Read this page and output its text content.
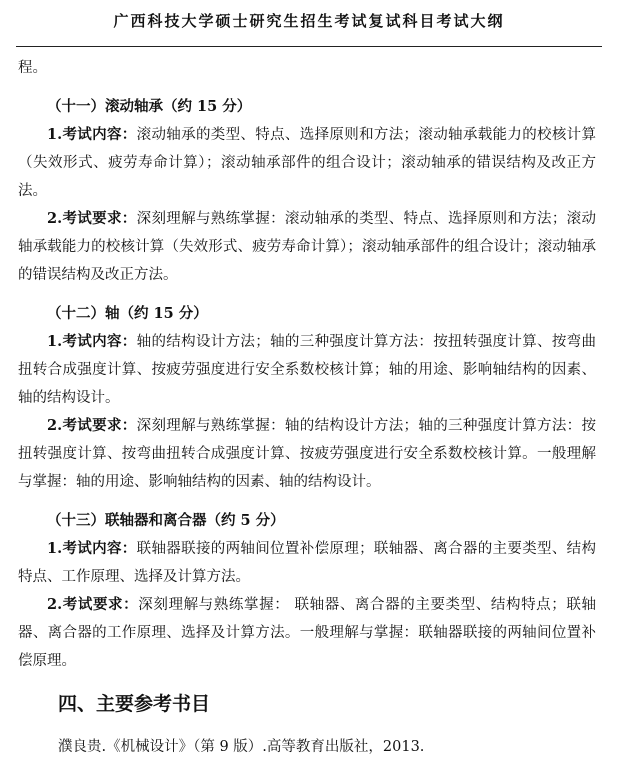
广西科技大学硕士研究生招生考试复试科目考试大纲

程。

（十一）滚动轴承（约 15 分）

1.考试内容：滚动轴承的类型、特点、选择原则和方法；滚动轴承载能力的校核计算（失效形式、疲劳寿命计算）；滚动轴承部件的组合设计；滚动轴承的错误结构及改正方法。

2.考试要求：深刻理解与熟练掌握：滚动轴承的类型、特点、选择原则和方法；滚动轴承载能力的校核计算（失效形式、疲劳寿命计算）；滚动轴承部件的组合设计；滚动轴承的错误结构及改正方法。

（十二）轴（约 15 分）

1.考试内容：轴的结构设计方法；轴的三种强度计算方法：按扭转强度计算、按弯曲扭转合成强度计算、按疲劳强度进行安全系数校核计算；轴的用途、影响轴结构的因素、轴的结构设计。

2.考试要求：深刻理解与熟练掌握：轴的结构设计方法；轴的三种强度计算方法：按扭转强度计算、按弯曲扭转合成强度计算、按疲劳强度进行安全系数校核计算。一般理解与掌握：轴的用途、影响轴结构的因素、轴的结构设计。

（十三）联轴器和离合器（约 5 分）

1.考试内容：联轴器联接的两轴间位置补偿原理；联轴器、离合器的主要类型、结构特点、工作原理、选择及计算方法。

2.考试要求：深刻理解与熟练掌握： 联轴器、离合器的主要类型、结构特点；联轴器、离合器的工作原理、选择及计算方法。一般理解与掌握：联轴器联接的两轴间位置补偿原理。

四、主要参考书目

濮良贵.《机械设计》（第 9 版）.高等教育出版社，2013.
